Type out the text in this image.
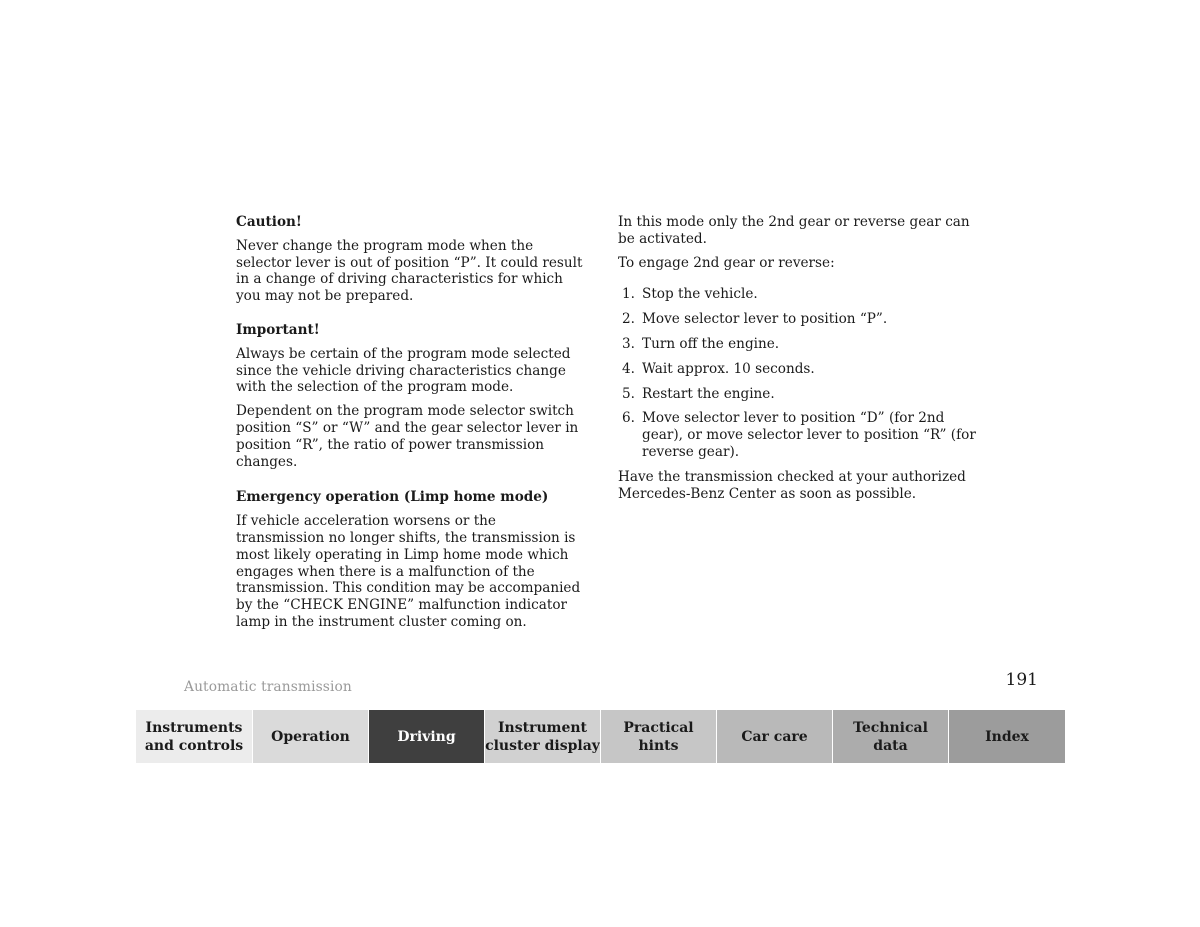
Caution!

Never change the program mode when the selector lever is out of position “P”. It could result in a change of driving characteristics for which you may not be prepared.

Important!

Always be certain of the program mode selected since the vehicle driving characteristics change with the selection of the program mode.

Dependent on the program mode selector switch position “S” or “W” and the gear selector lever in position “R”, the ratio of power transmission changes.

Emergency operation (Limp home mode)

If vehicle acceleration worsens or the transmission no longer shifts, the transmission is most likely operating in Limp home mode which engages when there is a malfunction of the transmission. This condition may be accompanied by the “CHECK ENGINE” malfunction indicator lamp in the instrument cluster coming on.

In this mode only the 2nd gear or reverse gear can be activated.

To engage 2nd gear or reverse:

1. Stop the vehicle.
2. Move selector lever to position “P”.
3. Turn off the engine.
4. Wait approx. 10 seconds.
5. Restart the engine.
6. Move selector lever to position “D” (for 2nd gear), or move selector lever to position “R” (for reverse gear).

Have the transmission checked at your authorized Mercedes-Benz Center as soon as possible.

Automatic transmission	191
Instruments
and controls
Operation	Driving
Instrument
cluster display
Practical hints
Car care
Technical
data
Index
